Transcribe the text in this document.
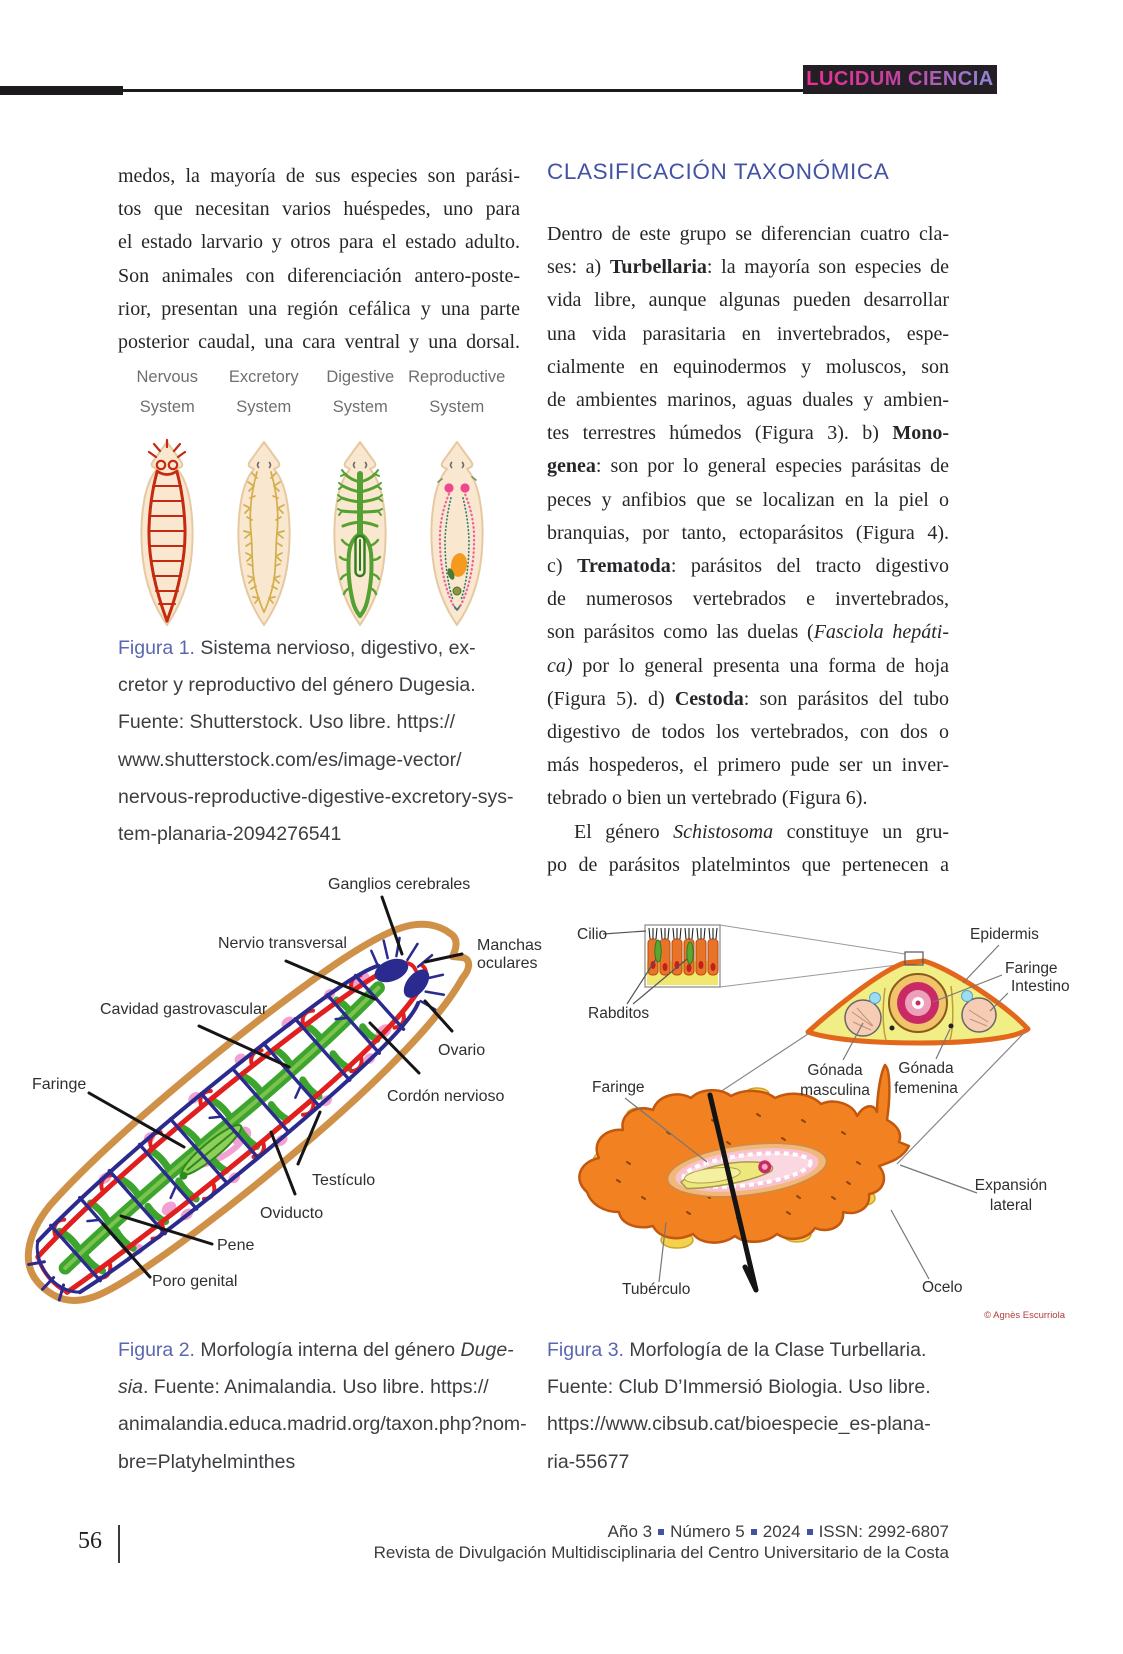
LUCIDUM CIENCIA
medos, la mayoría de sus especies son parási-
tos que necesitan varios huéspedes, uno para
el estado larvario y otros para el estado adulto.
Son animales con diferenciación antero-poste-
rior, presentan una región cefálica y una parte
posterior caudal, una cara ventral y una dorsal.
Nervous
System
Excretory
System
Digestive
System
Reproductive
System
Figura 1. Sistema nervioso, digestivo, ex-
cretor y reproductivo del género Dugesia.
Fuente: Shutterstock. Uso libre. https://
www.shutterstock.com/es/image-vector/
nervous-reproductive-digestive-excretory-sys-
tem-planaria-2094276541
CLASIFICACIÓN TAXONÓMICA
Dentro de este grupo se diferencian cuatro cla-
ses: a) Turbellaria: la mayoría son especies de
vida libre, aunque algunas pueden desarrollar
una vida parasitaria en invertebrados, espe-
cialmente en equinodermos y moluscos, son
de ambientes marinos, aguas duales y ambien-
tes terrestres húmedos (Figura 3). b) Mono-
genea: son por lo general especies parásitas de
peces y anfibios que se localizan en la piel o
branquias, por tanto, ectoparásitos (Figura 4).
c) Trematoda: parásitos del tracto digestivo
de numerosos vertebrados e invertebrados,
son parásitos como las duelas (Fasciola hepáti-
ca) por lo general presenta una forma de hoja
(Figura 5). d) Cestoda: son parásitos del tubo
digestivo de todos los vertebrados, con dos o
más hospederos, el primero pude ser un inver-
tebrado o bien un vertebrado (Figura 6).
El género Schistosoma constituye un gru-
po de parásitos platelmintos que pertenecen a
Ganglios cerebrales
Nervio transversal	Manchas
oculares
Cavidad gastrovascular
Ovario
Faringe
Cordón nervioso
Testículo
Oviducto
Pene
Poro genital
Figura 2. Morfología interna del género Duge-
sia. Fuente: Animalandia. Uso libre. https://
animalandia.educa.madrid.org/taxon.php?nom-
bre=Platyhelminthes
Cilio
Rabditos
Epidermis
Faringe
Intestino
Gónada
masculina
Gónada
femenina
Faringe
Expansión
lateral
Tubérculo	Ocelo
© Agnès Escurriola
Figura 3. Morfología de la Clase Turbellaria.
Fuente: Club D’Immersió Biologia. Uso libre.
https://www.cibsub.cat/bioespecie_es-plana-
ria-55677
56	Año 3 Número 5 2024 ISSN: 2992-6807
Revista de Divulgación Multidisciplinaria del Centro Universitario de la Costa
